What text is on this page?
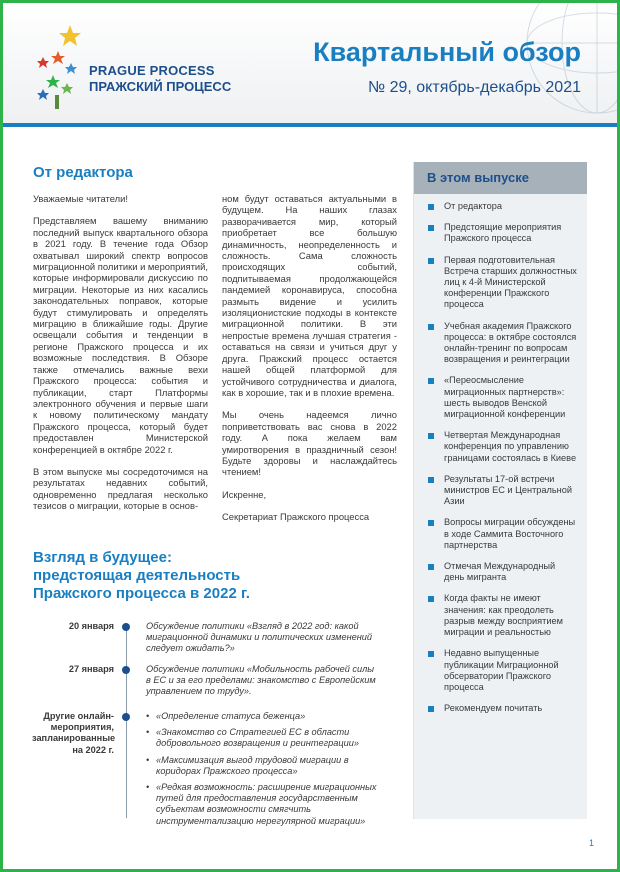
PRAGUE PROCESS
ПРАЖСКИЙ ПРОЦЕСС
Квартальный обзор
№ 29, октябрь-декабрь 2021
От редактора

Уважаемые читатели!

Представляем вашему вниманию последний выпуск квартального обзора в 2021 году. В течение года Обзор охватывал широкий спектр вопросов миграционной политики и мероприятий, которые информировали дискуссию по миграции. Некоторые из них касались законодательных поправок, которые будут стимулировать и определять миграцию в ближайшие годы. Другие освещали события и тенденции в регионе Пражского процесса и их возможные последствия. В Обзоре также отмечались важные вехи Пражского процесса: события и публикации, старт Платформы электронного обучения и первые шаги к новому политическому мандату Пражского процесса, который будет предоставлен Министерской конференцией в октябре 2022 г.

В этом выпуске мы сосредоточимся на результатах недавних событий, одновременно предлагая несколько тезисов о миграции, которые в основ-

ном будут оставаться актуальными в будущем. На наших глазах разворачивается мир, который приобретает все большую динамичность, неопределенность и сложность. Сама сложность происходящих событий, подпитываемая продолжающейся пандемией коронавируса, способна размыть видение и усилить изоляционистские подходы в контексте миграционной политики. В эти непростые времена лучшая стратегия - оставаться на связи и учиться друг у друга. Пражский процесс остается нашей общей платформой для устойчивого сотрудничества и диалога, как в хорошие, так и в плохие времена.

Мы очень надеемся лично поприветствовать вас снова в 2022 году. А пока желаем вам умиротворения в праздничный сезон! Будьте здоровы и наслаждайтесь чтением!

Искренне,

Секретариат Пражского процесса

В этом выпуске
От редактора
Предстоящие мероприятия Пражского процесса
Первая подготовительная Встреча старших должностных лиц к 4-й Министерской конференции Пражского процесса
Учебная академия Пражского процесса: в октябре состоялся онлайн-тренинг по вопросам возвращения и реинтеграции
«Переосмысление миграционных партнерств»: шесть выводов Венской миграционной конференции
Четвертая Международная конференция по управлению границами состоялась в Киеве
Результаты 17-ой встречи министров ЕС и Центральной Азии
Вопросы миграции обсуждены в ходе Саммита Восточного партнерства
Отмечая Международный день мигранта
Когда факты не имеют значения: как преодолеть разрыв между восприятием миграции и реальностью
Недавно выпущенные публикации Миграционной обсерватории Пражского процесса
Рекомендуем почитать
Взгляд в будущее:
предстоящая деятельность
Пражского процесса в 2022 г.
20 января	Обсуждение политики «Взгляд в 2022 год: какой миграционной динамики и политических изменений следует ожидать?»
27 января	Обсуждение политики «Мобильность рабочей силы в ЕС и за его пределами: знакомство с Европейским управлением по труду».
Другие онлайн-мероприятия, запланированные на 2022 г.
• «Определение статуса беженца»
• «Знакомство со Стратегией ЕС в области добровольного возвращения и реинтеграции»
• «Максимизация выгод трудовой миграции в коридорах Пражского процесса»
• «Редкая возможность: расширение миграционных путей для предоставления государственным субъектам возможности смягчить инструментализацию нерегулярной миграции»
1
